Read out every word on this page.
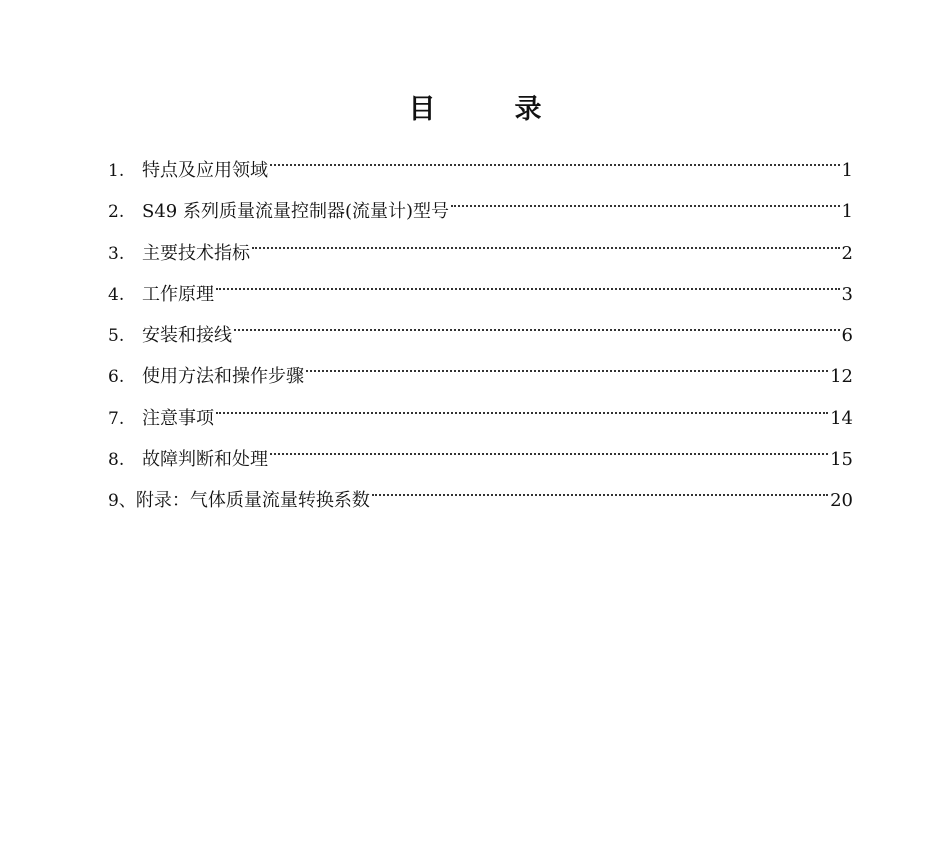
目　录
1. 特点及应用领域	1
2. S49 系列质量流量控制器(流量计)型号	1
3. 主要技术指标	2
4. 工作原理	3
5. 安装和接线	6
6. 使用方法和操作步骤	12
7. 注意事项	14
8. 故障判断和处理	15
9、 附录：气体质量流量转换系数	20
